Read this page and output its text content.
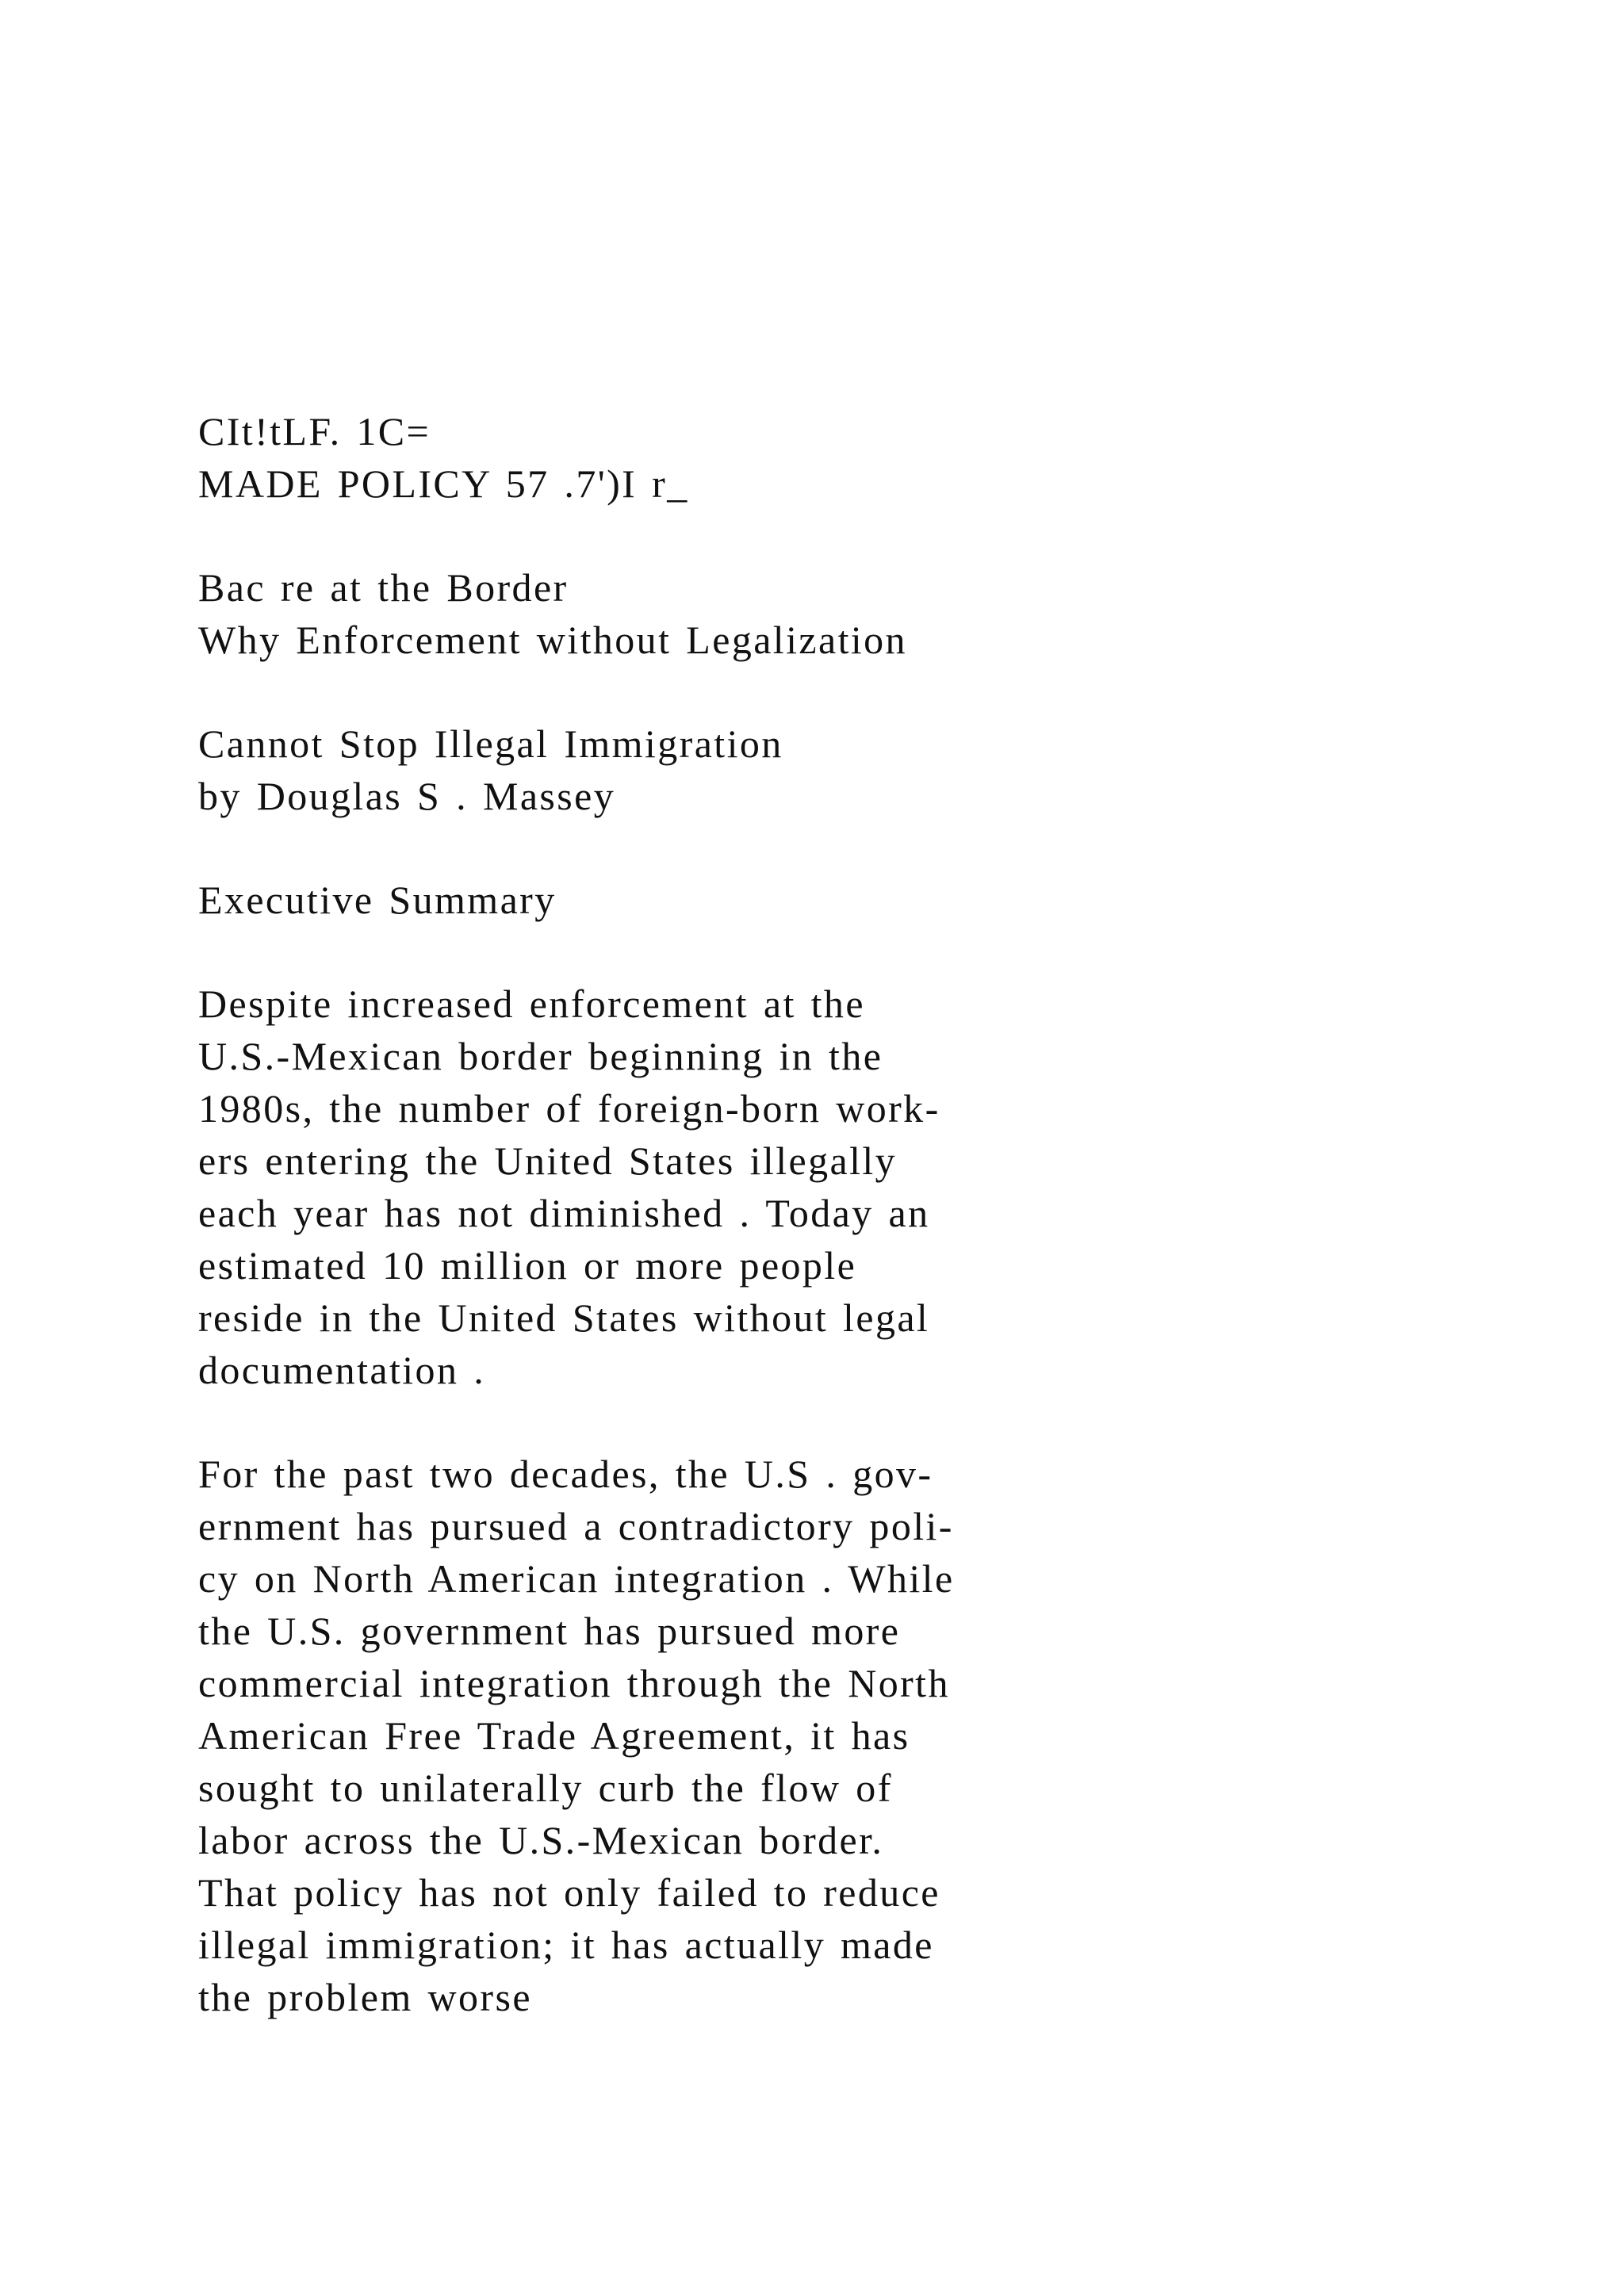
CIt!tLF. 1C=
MADE POLICY 57 .7')I r_
Bac re at the Border
Why Enforcement without Legalization
Cannot Stop Illegal Immigration
by Douglas S . Massey
Executive Summary
Despite increased enforcement at the
U.S.-Mexican border beginning in the
1980s, the number of foreign-born work-
ers entering the United States illegally
each year has not diminished . Today an
estimated 10 million or more people
reside in the United States without legal
documentation .
For the past two decades, the U.S . gov-
ernment has pursued a contradictory poli-
cy on North American integration . While
the U.S. government has pursued more
commercial integration through the North
American Free Trade Agreement, it has
sought to unilaterally curb the flow of
labor across the U.S.-Mexican border.
That policy has not only failed to reduce
illegal immigration; it has actually made
the problem worse
